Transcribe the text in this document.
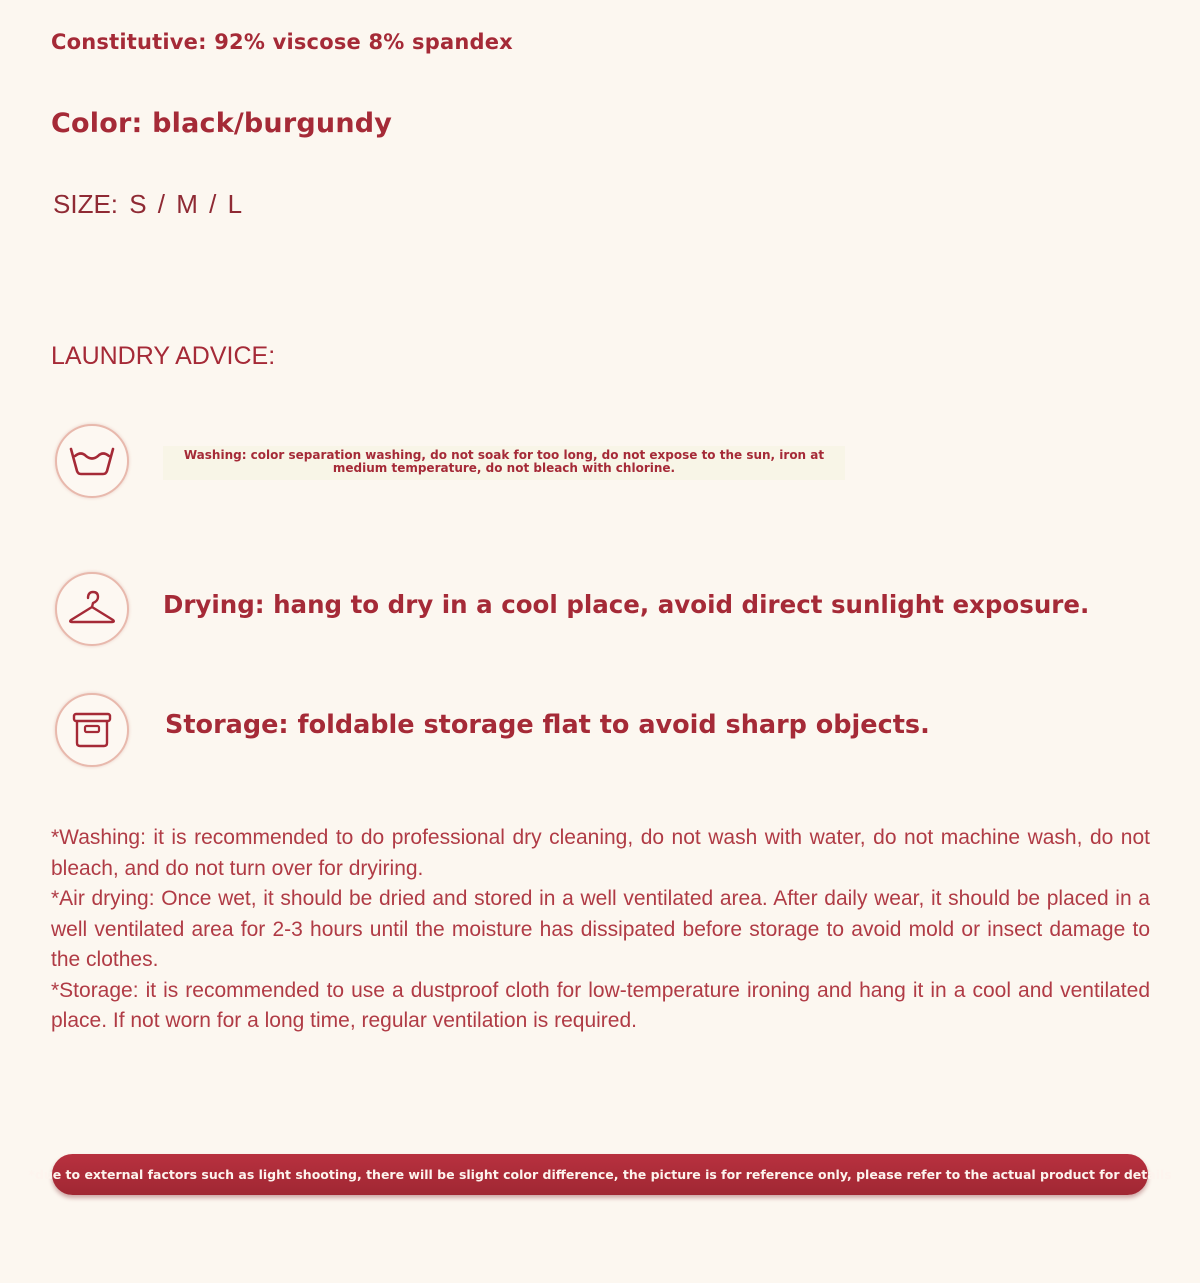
Constitutive: 92% viscose 8% spandex
Color: black/burgundy
SIZE: S / M / L
LAUNDRY ADVICE:
Washing: color separation washing, do not soak for too long, do not expose to the sun, iron at medium temperature, do not bleach with chlorine.
Drying: hang to dry in a cool place, avoid direct sunlight exposure.
Storage: foldable storage flat to avoid sharp objects.

*Washing: it is recommended to do professional dry cleaning, do not wash with water, do not machine wash, do not bleach, and do not turn over for dryiring.

*Air drying: Once wet, it should be dried and stored in a well ventilated area. After daily wear, it should be placed in a well ventilated area for 2-3 hours until the moisture has dissipated before storage to avoid mold or insect damage to the clothes.

*Storage: it is recommended to use a dustproof cloth for low-temperature ironing and hang it in a cool and ventilated place. If not worn for a long time, regular ventilation is required.

*due to external factors such as light shooting, there will be slight color difference, the picture is for reference only, please refer to the actual product for details
